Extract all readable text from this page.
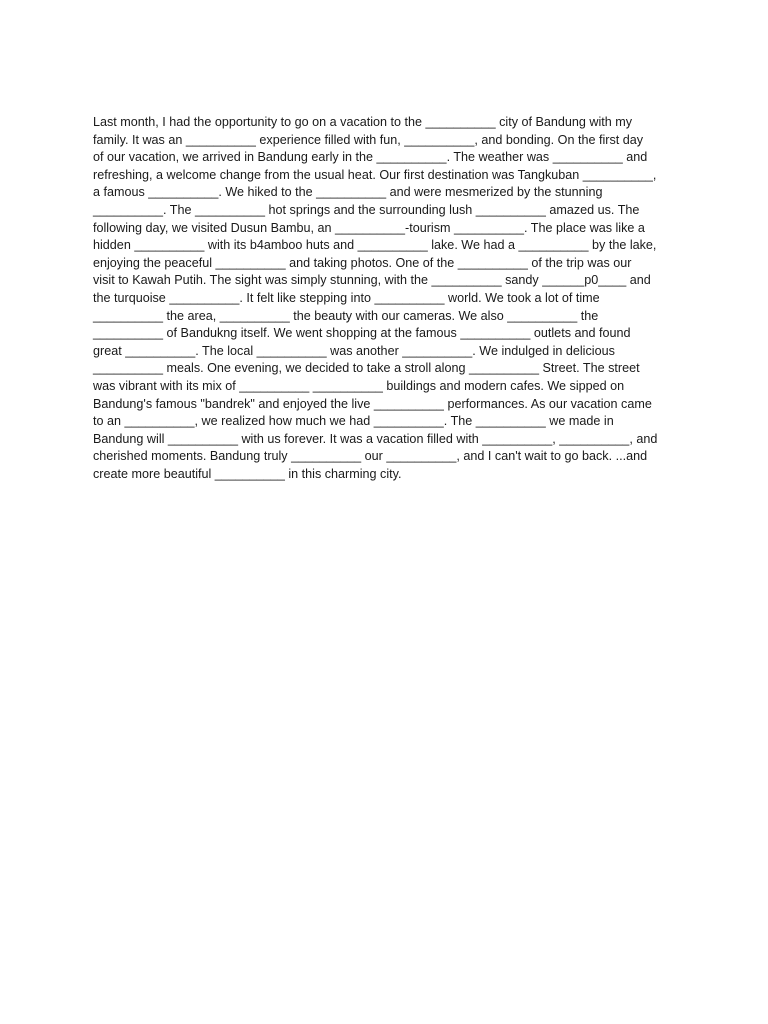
Last month, I had the opportunity to go on a vacation to the __________ city of Bandung with my
family. It was an __________ experience filled with fun, __________, and bonding. On the first day
of our vacation, we arrived in Bandung early in the __________. The weather was __________ and
refreshing, a welcome change from the usual heat. Our first destination was Tangkuban __________,
a famous __________. We hiked to the __________ and were mesmerized by the stunning
__________. The __________ hot springs and the surrounding lush __________ amazed us. The
following day, we visited Dusun Bambu, an __________-tourism __________. The place was like a
hidden __________ with its b4amboo huts and __________ lake. We had a __________ by the lake,
enjoying the peaceful __________ and taking photos. One of the __________ of the trip was our
visit to Kawah Putih. The sight was simply stunning, with the __________ sandy ______p0____ and
the turquoise __________. It felt like stepping into __________ world. We took a lot of time
__________ the area, __________ the beauty with our cameras. We also __________ the
__________ of Bandukng itself. We went shopping at the famous __________ outlets and found
great __________. The local __________ was another __________. We indulged in delicious
__________ meals. One evening, we decided to take a stroll along __________ Street. The street
was vibrant with its mix of __________ __________ buildings and modern cafes. We sipped on
Bandung's famous "bandrek" and enjoyed the live __________ performances. As our vacation came
to an __________, we realized how much we had __________. The __________ we made in
Bandung will __________ with us forever. It was a vacation filled with __________, __________, and
cherished moments. Bandung truly __________ our __________, and I can't wait to go back. ...and
create more beautiful __________ in this charming city.
